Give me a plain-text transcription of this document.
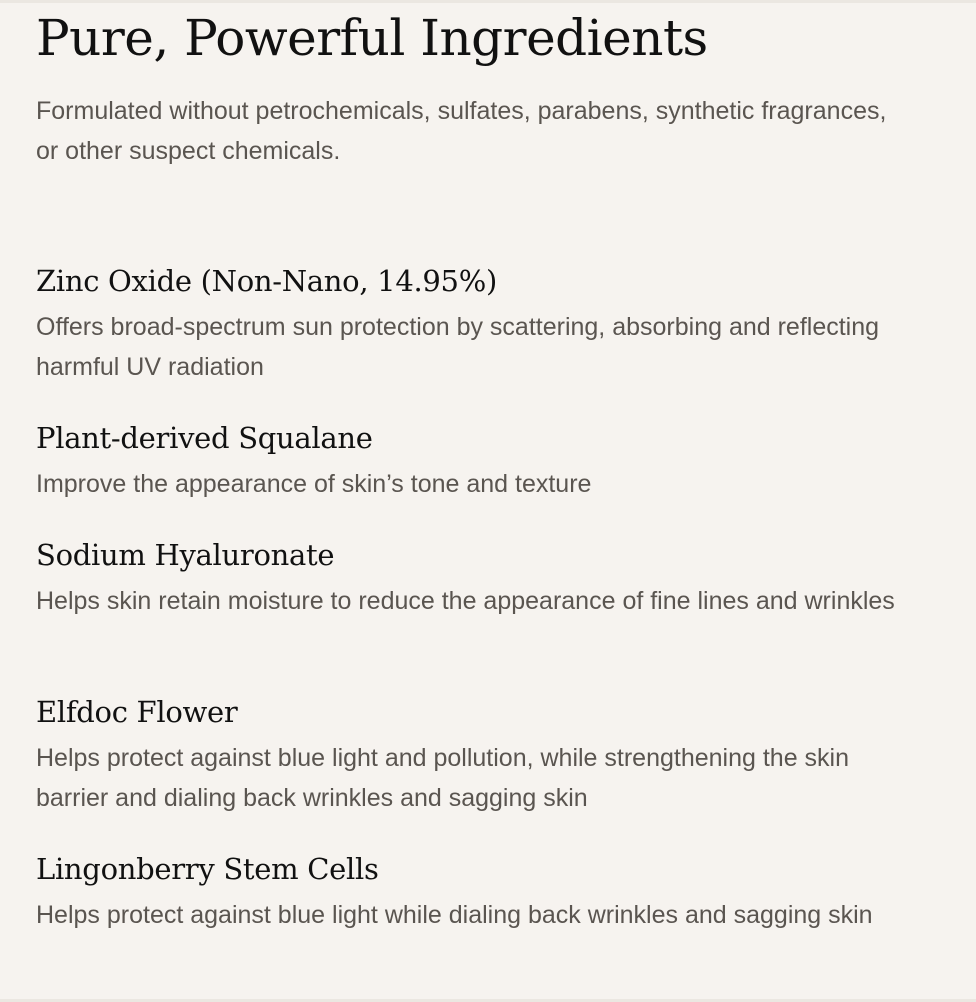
Pure, Powerful Ingredients

Formulated without petrochemicals, sulfates, parabens, synthetic fragrances, or other suspect chemicals.

Zinc Oxide (Non-Nano, 14.95%)

Offers broad-spectrum sun protection by scattering, absorbing and reflecting harmful UV radiation

Plant-derived Squalane

Improve the appearance of skin’s tone and texture

Sodium Hyaluronate

Helps skin retain moisture to reduce the appearance of fine lines and wrinkles

Elfdoc Flower

Helps protect against blue light and pollution, while strengthening the skin barrier and dialing back wrinkles and sagging skin

Lingonberry Stem Cells

Helps protect against blue light while dialing back wrinkles and sagging skin
